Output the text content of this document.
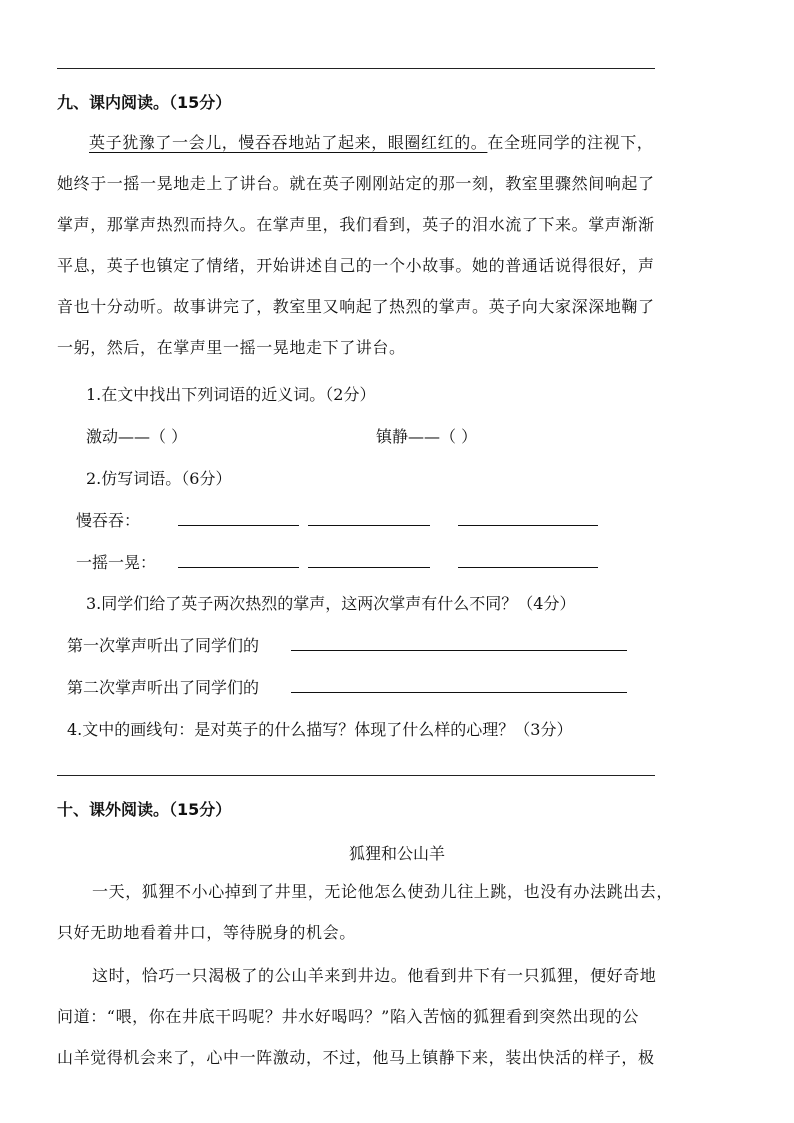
九、课内阅读。（15分）
英子犹豫了一会儿，慢吞吞地站了起来，眼圈红红的。在全班同学的注视下，
她终于一摇一晃地走上了讲台。就在英子刚刚站定的那一刻，教室里骤然间响起了
掌声，那掌声热烈而持久。在掌声里，我们看到，英子的泪水流了下来。掌声渐渐
平息，英子也镇定了情绪，开始讲述自己的一个小故事。她的普通话说得很好，声
音也十分动听。故事讲完了，教室里又响起了热烈的掌声。英子向大家深深地鞠了
一躬，然后，在掌声里一摇一晃地走下了讲台。
1.在文中找出下列词语的近义词。（2分）
激动——（ ）	镇静——（ ）
2.仿写词语。（6分）
慢吞吞：
一摇一晃：
3.同学们给了英子两次热烈的掌声，这两次掌声有什么不同？（4分）
第一次掌声听出了同学们的
第二次掌声听出了同学们的
4.文中的画线句：是对英子的什么描写？体现了什么样的心理？（3分）
十、课外阅读。（15分）
狐狸和公山羊
一天，狐狸不小心掉到了井里，无论他怎么使劲儿往上跳，也没有办法跳出去，
只好无助地看着井口，等待脱身的机会。
这时，恰巧一只渴极了的公山羊来到井边。他看到井下有一只狐狸，便好奇地
问道：“喂，你在井底干吗呢？井水好喝吗？”陷入苦恼的狐狸看到突然出现的公
山羊觉得机会来了，心中一阵激动，不过，他马上镇静下来，装出快活的样子，极
